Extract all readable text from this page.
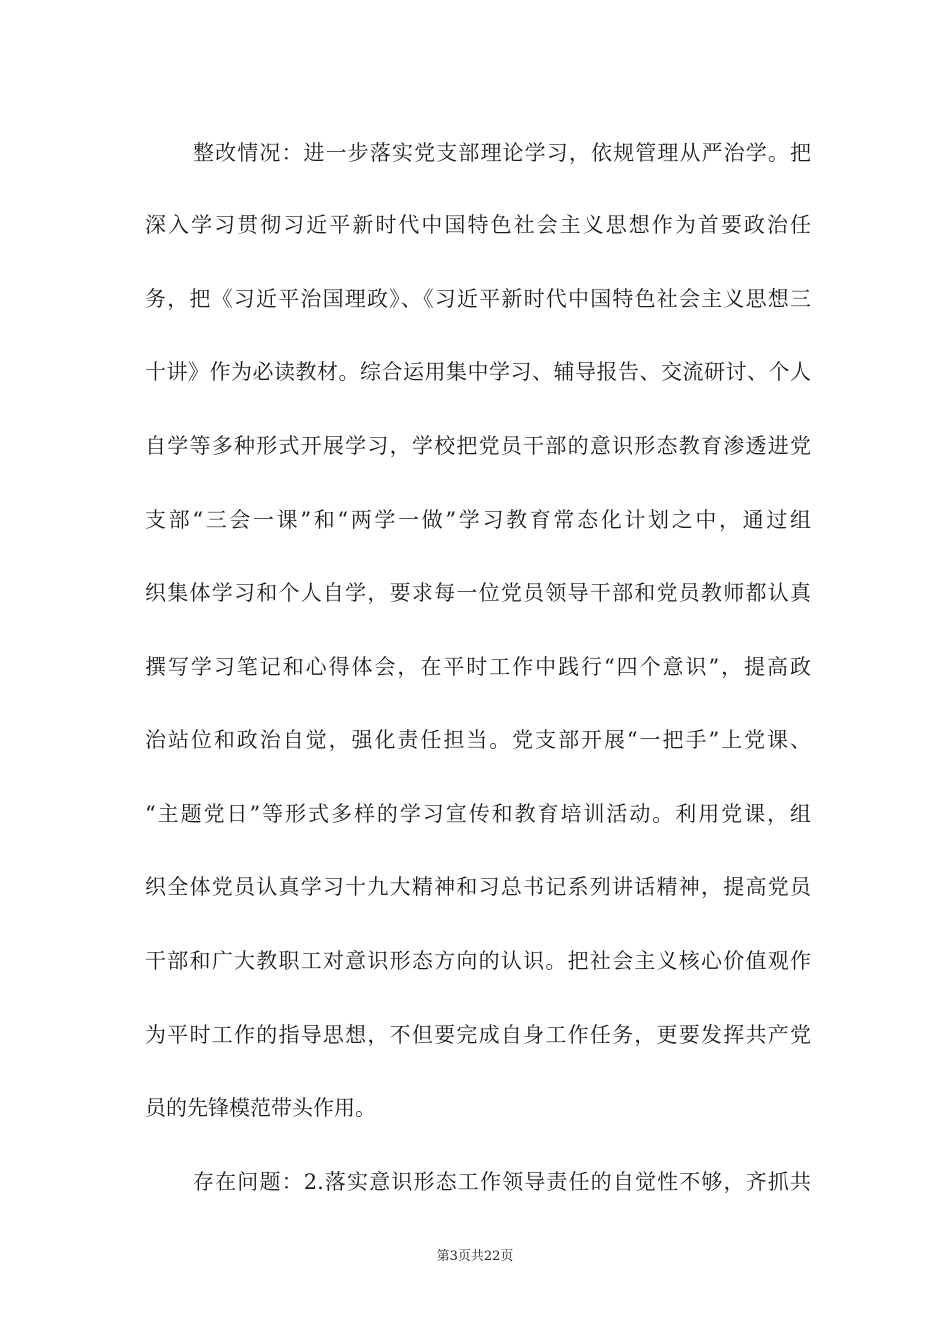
整改情况：进一步落实党支部理论学习，依规管理从严治学。把
深入学习贯彻习近平新时代中国特色社会主义思想作为首要政治任
务，把《习近平治国理政》、《习近平新时代中国特色社会主义思想三
十讲》作为必读教材。综合运用集中学习、辅导报告、交流研讨、个人
自学等多种形式开展学习，学校把党员干部的意识形态教育渗透进党
支部“三会一课”和“两学一做”学习教育常态化计划之中，通过组
织集体学习和个人自学，要求每一位党员领导干部和党员教师都认真
撰写学习笔记和心得体会，在平时工作中践行“四个意识”，提高政
治站位和政治自觉，强化责任担当。党支部开展“一把手”上党课、
“主题党日”等形式多样的学习宣传和教育培训活动。利用党课，组
织全体党员认真学习十九大精神和习总书记系列讲话精神，提高党员
干部和广大教职工对意识形态方向的认识。把社会主义核心价值观作
为平时工作的指导思想，不但要完成自身工作任务，更要发挥共产党
员的先锋模范带头作用。
存在问题：2.落实意识形态工作领导责任的自觉性不够，齐抓共
第3页共22页
